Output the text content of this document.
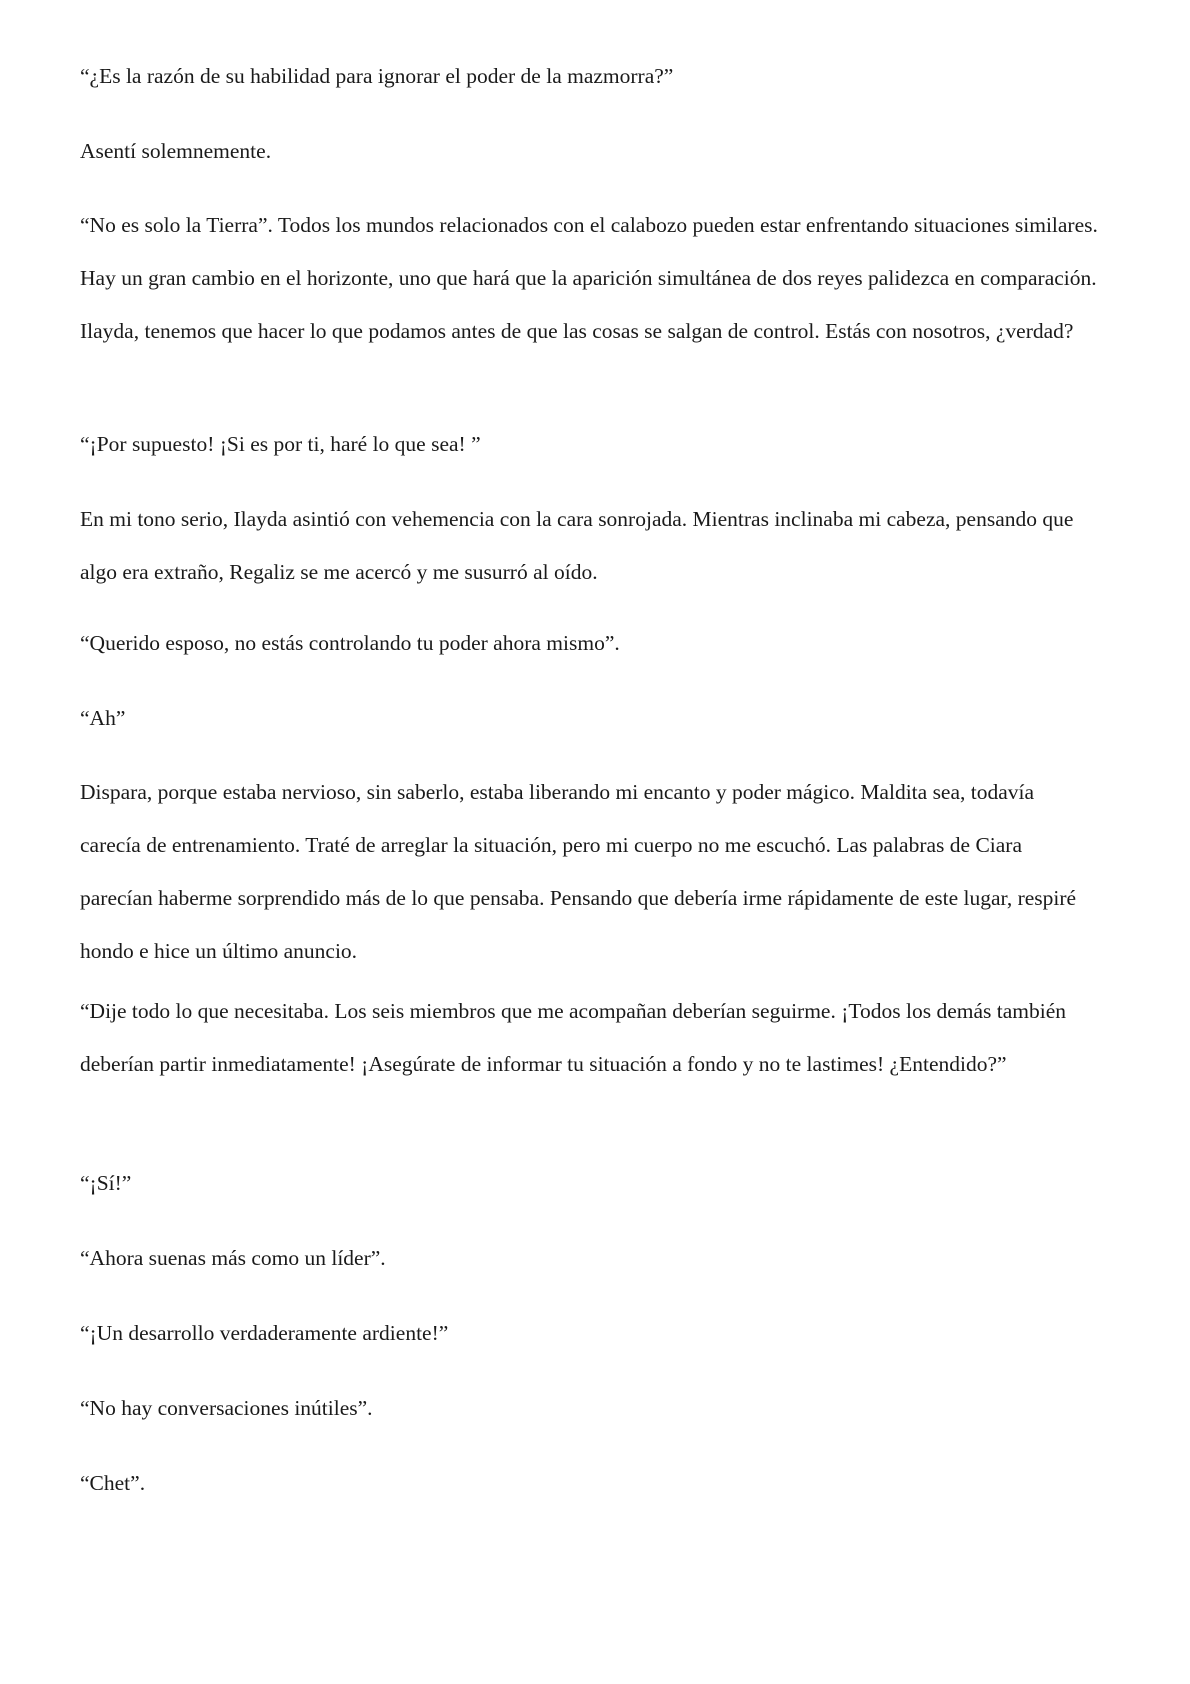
“¿Es la razón de su habilidad para ignorar el poder de la mazmorra?”

Asentí solemnemente.

“No es solo la Tierra”. Todos los mundos relacionados con el calabozo pueden estar enfrentando situaciones similares. Hay un gran cambio en el horizonte, uno que hará que la aparición simultánea de dos reyes palidezca en comparación. Ilayda, tenemos que hacer lo que podamos antes de que las cosas se salgan de control. Estás con nosotros, ¿verdad?

“¡Por supuesto! ¡Si es por ti, haré lo que sea! ”

En mi tono serio, Ilayda asintió con vehemencia con la cara sonrojada. Mientras inclinaba mi cabeza, pensando que algo era extraño, Regaliz se me acercó y me susurró al oído.

“Querido esposo, no estás controlando tu poder ahora mismo”.

“Ah”

Dispara, porque estaba nervioso, sin saberlo, estaba liberando mi encanto y poder mágico. Maldita sea, todavía carecía de entrenamiento. Traté de arreglar la situación, pero mi cuerpo no me escuchó. Las palabras de Ciara parecían haberme sorprendido más de lo que pensaba. Pensando que debería irme rápidamente de este lugar, respiré hondo e hice un último anuncio.

“Dije todo lo que necesitaba. Los seis miembros que me acompañan deberían seguirme. ¡Todos los demás también deberían partir inmediatamente! ¡Asegúrate de informar tu situación a fondo y no te lastimes! ¿Entendido?”

“¡Sí!”

“Ahora suenas más como un líder”.

“¡Un desarrollo verdaderamente ardiente!”

“No hay conversaciones inútiles”.

“Chet”.
